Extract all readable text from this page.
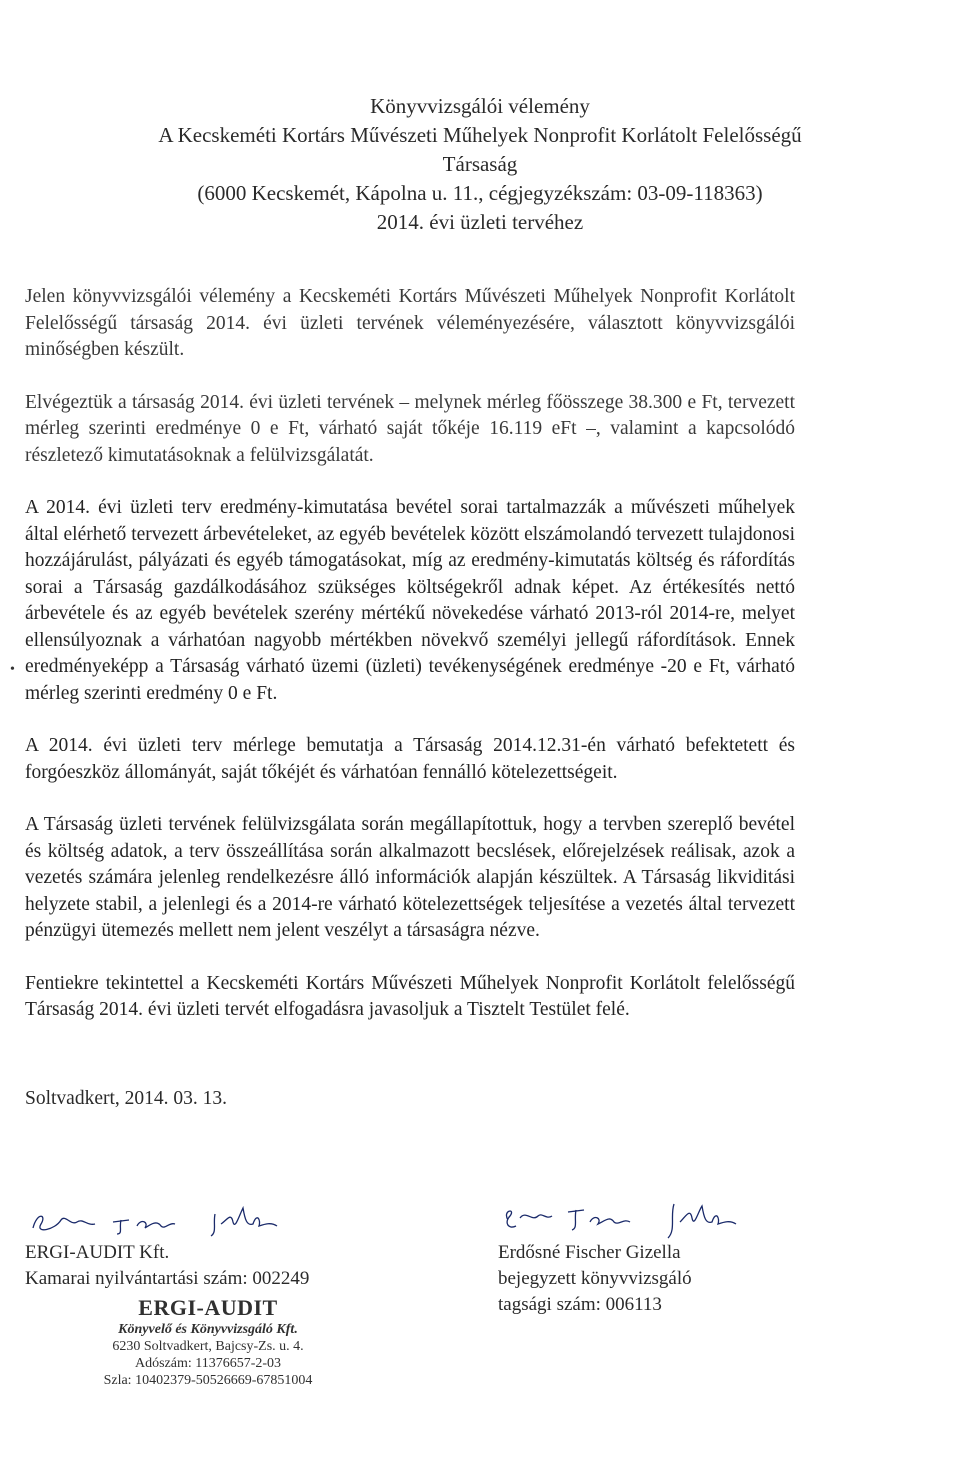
Könyvvizsgálói vélemény
A Kecskeméti Kortárs Művészeti Műhelyek Nonprofit Korlátolt Felelősségű
Társaság
(6000 Kecskemét, Kápolna u. 11., cégjegyzékszám: 03-09-118363)
2014. évi üzleti tervéhez
•

Jelen könyvvizsgálói vélemény a Kecskeméti Kortárs Művészeti Műhelyek Nonprofit Korlátolt Felelősségű társaság 2014. évi üzleti tervének véleményezésére, választott könyvvizsgálói minőségben készült.

Elvégeztük a társaság 2014. évi üzleti tervének – melynek mérleg főösszege 38.300 e Ft, tervezett mérleg szerinti eredménye 0 e Ft, várható saját tőkéje 16.119 eFt –, valamint a kapcsolódó részletező kimutatásoknak a felülvizsgálatát.

A 2014. évi üzleti terv eredmény-kimutatása bevétel sorai tartalmazzák a művészeti műhelyek által elérhető tervezett árbevételeket, az egyéb bevételek között elszámolandó tervezett tulajdonosi hozzájárulást, pályázati és egyéb támogatásokat, míg az eredmény-kimutatás költség és ráfordítás sorai a Társaság gazdálkodásához szükséges költségekről adnak képet. Az értékesítés nettó árbevétele és az egyéb bevételek szerény mértékű növekedése várható 2013-ról 2014-re, melyet ellensúlyoznak a várhatóan nagyobb mértékben növekvő személyi jellegű ráfordítások. Ennek eredményeképp a Társaság várható üzemi (üzleti) tevékenységének eredménye -20 e Ft, várható mérleg szerinti eredmény 0 e Ft.

A 2014. évi üzleti terv mérlege bemutatja a Társaság 2014.12.31-én várható befektetett és forgóeszköz állományát, saját tőkéjét és várhatóan fennálló kötelezettségeit.

A Társaság üzleti tervének felülvizsgálata során megállapítottuk, hogy a tervben szereplő bevétel és költség adatok, a terv összeállítása során alkalmazott becslések, előrejelzések reálisak, azok a vezetés számára jelenleg rendelkezésre álló információk alapján készültek. A Társaság likviditási helyzete stabil, a jelenlegi és a 2014-re várható kötelezettségek teljesítése a vezetés által tervezett pénzügyi ütemezés mellett nem jelent veszélyt a társaságra nézve.

Fentiekre tekintettel a Kecskeméti Kortárs Művészeti Műhelyek Nonprofit Korlátolt felelősségű Társaság 2014. évi üzleti tervét elfogadásra javasoljuk a Tisztelt Testület felé.

Soltvadkert, 2014. 03. 13.
ERGI-AUDIT Kft.
Kamarai nyilvántartási szám: 002249
ERGI-AUDIT
Könyvelő és Könyvvizsgáló Kft.
6230 Soltvadkert, Bajcsy-Zs. u. 4.
Adószám: 11376657-2-03
Szla: 10402379-50526669-67851004
Erdősné Fischer Gizella
bejegyzett könyvvizsgáló
tagsági szám: 006113
